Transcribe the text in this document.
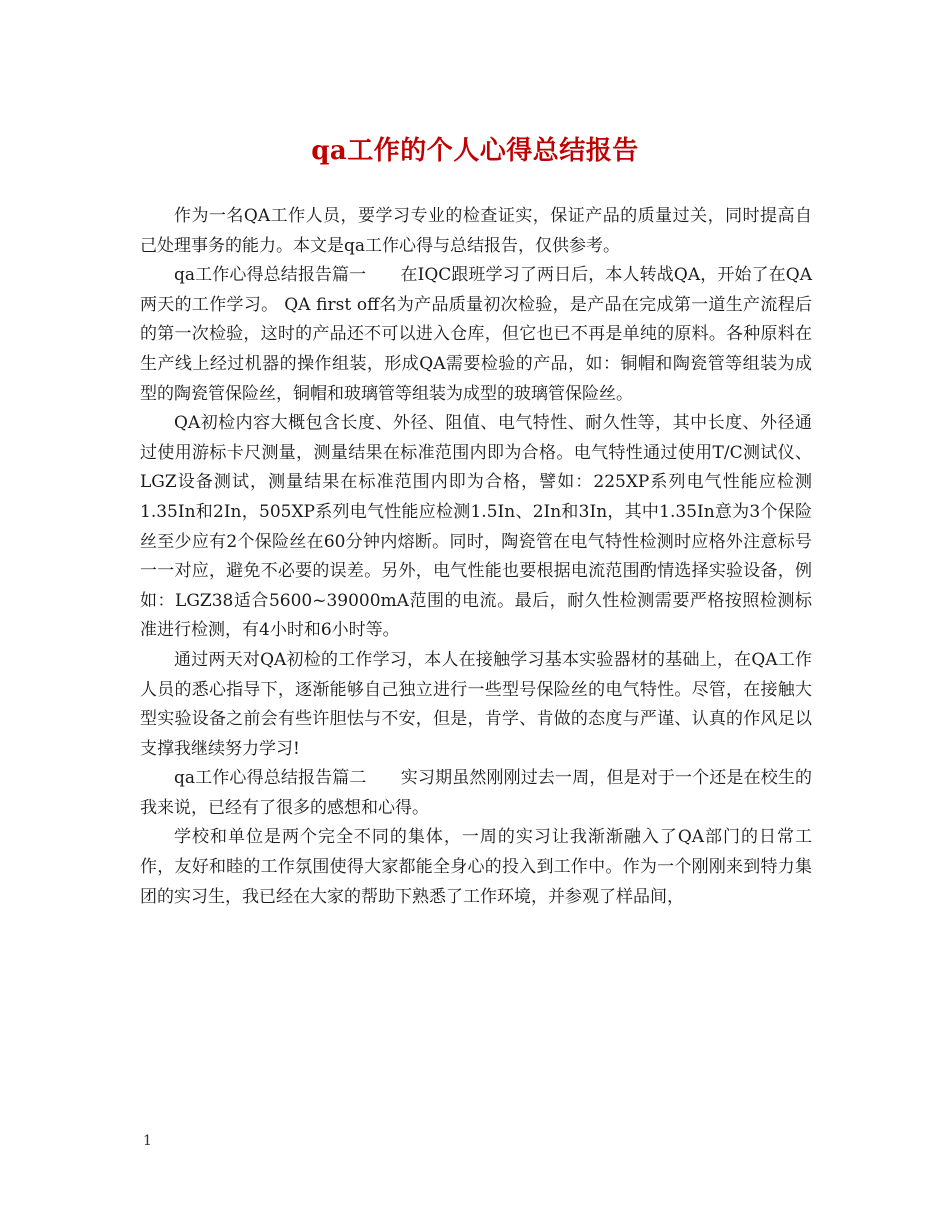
qa工作的个人心得总结报告

作为一名QA工作人员，要学习专业的检查证实，保证产品的质量过关，同时提高自己处理事务的能力。本文是qa工作心得与总结报告，仅供参考。

qa工作心得总结报告篇一　　在IQC跟班学习了两日后，本人转战QA，开始了在QA两天的工作学习。 QA first off名为产品质量初次检验，是产品在完成第一道生产流程后的第一次检验，这时的产品还不可以进入仓库，但它也已不再是单纯的原料。各种原料在生产线上经过机器的操作组装，形成QA需要检验的产品，如：铜帽和陶瓷管等组装为成型的陶瓷管保险丝，铜帽和玻璃管等组装为成型的玻璃管保险丝。

QA初检内容大概包含长度、外径、阻值、电气特性、耐久性等，其中长度、外径通过使用游标卡尺测量，测量结果在标准范围内即为合格。电气特性通过使用T/C测试仪、LGZ设备测试，测量结果在标准范围内即为合格，譬如：225XP系列电气性能应检测1.35In和2In，505XP系列电气性能应检测1.5In、2In和3In，其中1.35In意为3个保险丝至少应有2个保险丝在60分钟内熔断。同时，陶瓷管在电气特性检测时应格外注意标号一一对应，避免不必要的误差。另外，电气性能也要根据电流范围酌情选择实验设备，例如：LGZ38适合5600~39000mA范围的电流。最后，耐久性检测需要严格按照检测标准进行检测，有4小时和6小时等。

通过两天对QA初检的工作学习，本人在接触学习基本实验器材的基础上，在QA工作人员的悉心指导下，逐渐能够自己独立进行一些型号保险丝的电气特性。尽管，在接触大型实验设备之前会有些许胆怯与不安，但是，肯学、肯做的态度与严谨、认真的作风足以支撑我继续努力学习!

qa工作心得总结报告篇二　　实习期虽然刚刚过去一周，但是对于一个还是在校生的我来说，已经有了很多的感想和心得。

学校和单位是两个完全不同的集体，一周的实习让我渐渐融入了QA部门的日常工作，友好和睦的工作氛围使得大家都能全身心的投入到工作中。作为一个刚刚来到特力集团的实习生，我已经在大家的帮助下熟悉了工作环境，并参观了样品间，

1
